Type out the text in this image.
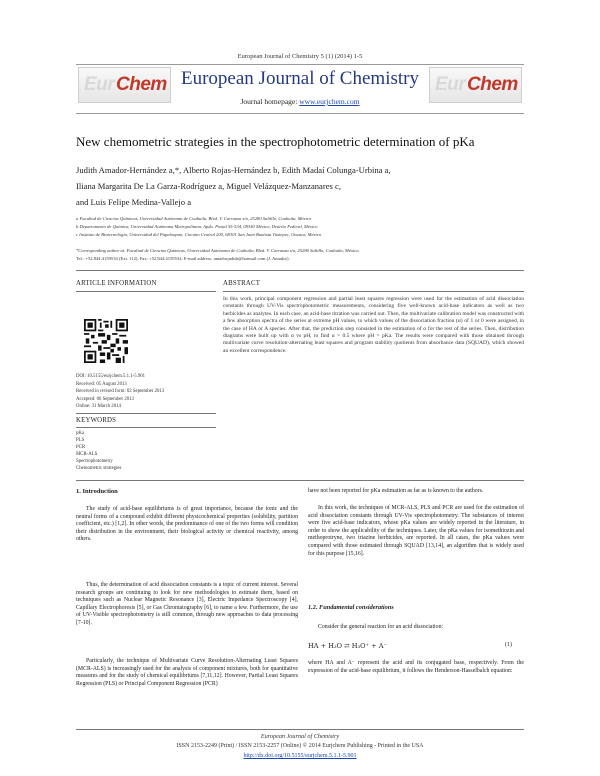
European Journal of Chemistry 5 (1) (2014) 1-5
Eur Chem European Journal of Chemistry
Journal homepage: www.eurjchem.com
Eur Chem
New chemometric strategies in the spectrophotometric determination of pKa
Judith Amador-Hernández a,*, Alberto Rojas-Hernández b, Edith Madaí Colunga-Urbina a,
Iliana Margarita De La Garza-Rodríguez a, Miguel Velázquez-Manzanares c,
and Luis Felipe Medina-Vallejo a
a Facultad de Ciencias Químicas, Universidad Autónoma de Coahuila, Blvd. V. Carranza s/n, 25280 Saltillo, Coahuila, México
b Departamento de Química, Universidad Autónoma Metropolitana, Apdo. Postal 55-534, 09340 México, Distrito Federal, México
c Instituto de Biotecnología, Universidad del Papaloapan, Circuito Central 200, 68301 San Juan Bautista Tuxtepec, Oaxaca, México
*Corresponding author at: Facultad de Ciencias Químicas, Universidad Autónoma de Coahuila, Blvd. V. Carranza s/n, 25280 Saltillo, Coahuila, México.
Tel.: +52.844.4159534 (Ext. 112). Fax: +52.844.4159534. E-mail address: amadorjudith@hotmail.com (J. Amador).
ARTICLE INFORMATION
DOI: 10.5155/eurjchem.5.1.1-5.901
Received: 05 August 2013
Received in revised form: 02 September 2013
Accepted: 06 September 2013
Online: 31 March 2014
KEYWORDS
pKa
PLS
PCR
MCR-ALS
Spectrophotometry
Chemometric strategies
ABSTRACT
In this work, principal component regression and partial least squares regression were used for the estimation of acid dissociation constants through UV-Vis spectrophotometric measurements, considering five well-known acid-base indicators as well as two herbicides as analytes. In each case, an acid-base titration was carried out. Then, the multivariate calibration model was constructed with a few absorption spectra of the series at extreme pH values, to which values of the dissociation fraction (α) of 1 or 0 were assigned, in the case of HA or A species. After that, the prediction step consisted in the estimation of α for the rest of the series. Then, distribution diagrams were built up with α vs pH, to find α = 0.5 where pH = pKa. The results were compared with those obtained through multivariate curve resolution-alternating least squares and program stability quotients from absorbance data (SQUAD), which showed an excellent correspondence.
1. Introduction
The study of acid-base equilibriums is of great importance, because the ionic and the neutral forms of a compound exhibit different physicochemical properties (solubility, partition coefficient, etc.) [1,2]. In other words, the predominance of one of the two forms will condition their distribution in the environment, their biological activity or chemical reactivity, among others.
Thus, the determination of acid dissociation constants is a topic of current interest. Several research groups are continuing to look for new methodologies to estimate them, based on techniques such as Nuclear Magnetic Resonance [3], Electric Impedance Spectroscopy [4], Capillary Electrophoresis [5], or Gas Chromatography [6], to name a few. Furthermore, the use of UV-Visible spectrophotometry is still common, through new approaches to data processing [7-10].
Particularly, the technique of Multivariate Curve Resolution-Alternating Least Squares (MCR-ALS) is increasingly used for the analysis of component mixtures, both for quantitative measures and for the study of chemical equilibriums [7,11,12]. However, Partial Least Squares Regression (PLS) or Principal Component Regression (PCR)
have not been reported for pKa estimation as far as is known to the authors.
In this work, the techniques of MCR-ALS, PLS and PCR are used for the estimation of acid dissociation constants through UV-Vis spectrophotometry. The substances of interest were five acid-base indicators, whose pKa values are widely reported in the literature, in order to show the applicability of the techniques. Later, the pKa values for isomethiozin and methoprotryne, two triazine herbicides, are reported. In all cases, the pKa values were compared with those estimated through SQUAD [13,14], an algorithm that is widely used for this purpose [15,16].
1.2. Fundamental considerations
Consider the general reaction for an acid dissociation:
HA + H₂O ⇄ H₃O⁺ + A⁻	(1)
where HA and A⁻ represent the acid and its conjugated base, respectively. From the expression of the acid-base equilibrium, it follows the Henderson-Hasselbalch equation:
European Journal of Chemistry
ISSN 2153-2249 (Print) / ISSN 2153-2257 (Online) © 2014 Eurjchem Publishing - Printed in the USA
http://dx.doi.org/10.5155/eurjchem.5.1.1-5.901
